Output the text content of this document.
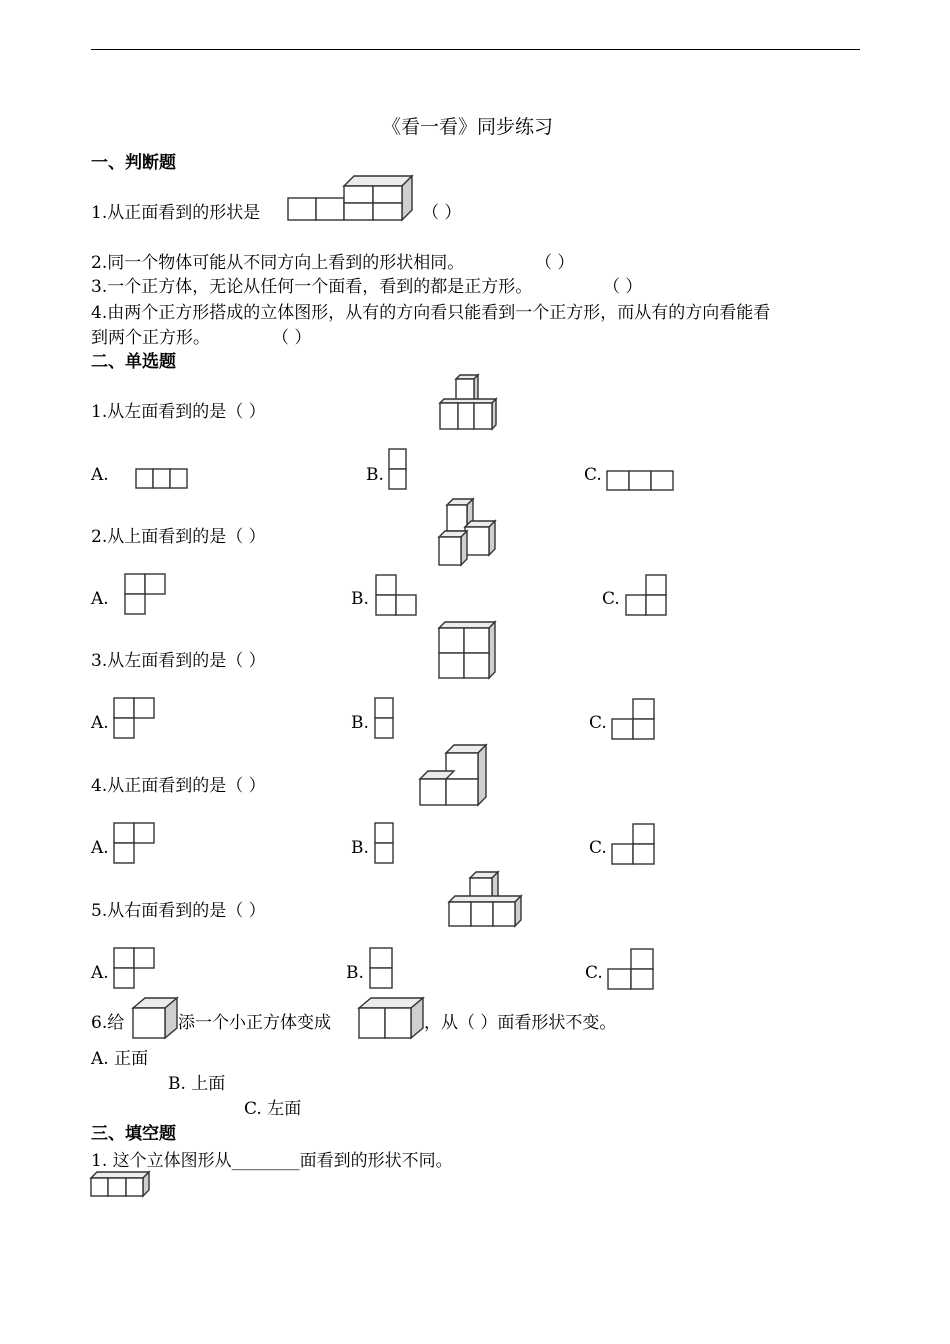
《看一看》同步练习
一、判断题
1.从正面看到的形状是	（ ）
2.同一个物体可能从不同方向上看到的形状相同。	（ ）
3.一个正方体，无论从任何一个面看，看到的都是正方形。	（ ）
4.由两个正方形搭成的立体图形，从有的方向看只能看到一个正方形，而从有的方向看能看
到两个正方形。	（ ）
二、单选题
1.从左面看到的是（ ）
A.	B.	C.
2.从上面看到的是（ ）
A.	B.	C.
3.从左面看到的是（ ）
A.	B.	C.
4.从正面看到的是（ ）
A.	B.	C.
5.从右面看到的是（ ）
A.	B.	C.
6.给	添一个小正方体变成	，从（ ）面看形状不变。
A. 正面
B. 上面
C. 左面
三、填空题
1. 这个立体图形从________面看到的形状不同。
